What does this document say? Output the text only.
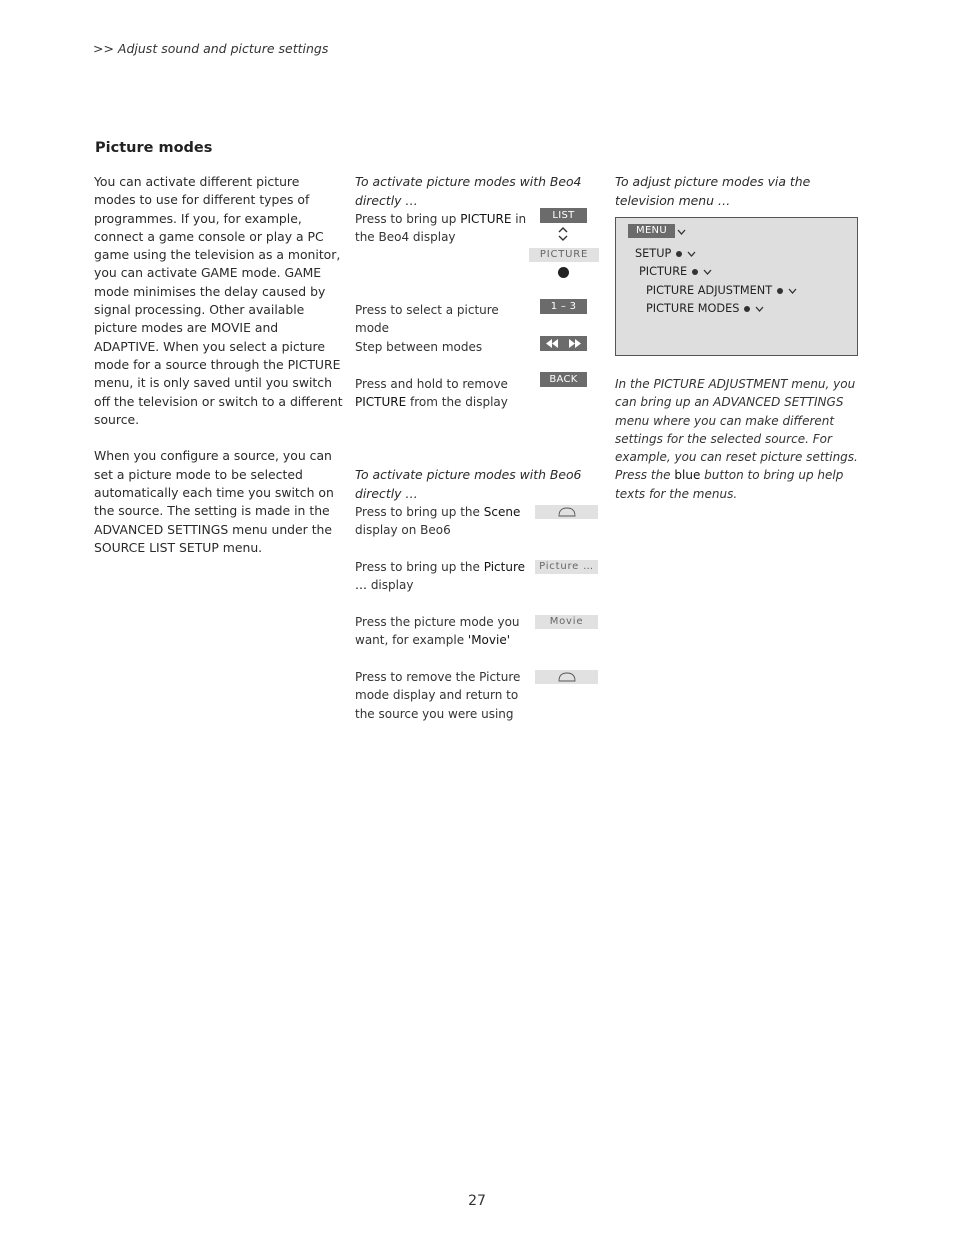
>> Adjust sound and picture settings
Picture modes

You can activate different picture modes to use for different types of programmes. If you, for example, connect a game console or play a PC game using the television as a monitor, you can activate GAME mode. GAME mode minimises the delay caused by signal processing. Other available picture modes are MOVIE and ADAPTIVE. When you select a picture mode for a source through the PICTURE menu, it is only saved until you switch off the television or switch to a different source.

When you configure a source, you can set a picture mode to be selected automatically each time you switch on the source. The setting is made in the ADVANCED SETTINGS menu under the SOURCE LIST SETUP menu.

To activate picture modes with Beo4 directly …
Press to bring up PICTURE in the Beo4 display
LIST
PICTURE
Press to select a picture mode
1 – 3
Step between modes
Press and hold to remove PICTURE from the display
BACK
To activate picture modes with Beo6 directly …
Press to bring up the Scene display on Beo6
Press to bring up the Picture … display
Picture …
Press the picture mode you want, for example 'Movie'
Movie
Press to remove the Picture mode display and return to the source you were using
To adjust picture modes via the television menu …
MENU
SETUP
PICTURE
PICTURE ADJUSTMENT
PICTURE MODES
In the PICTURE ADJUSTMENT menu, you can bring up an ADVANCED SETTINGS menu where you can make different settings for the selected source. For example, you can reset picture settings. Press the blue button to bring up help texts for the menus.
27
